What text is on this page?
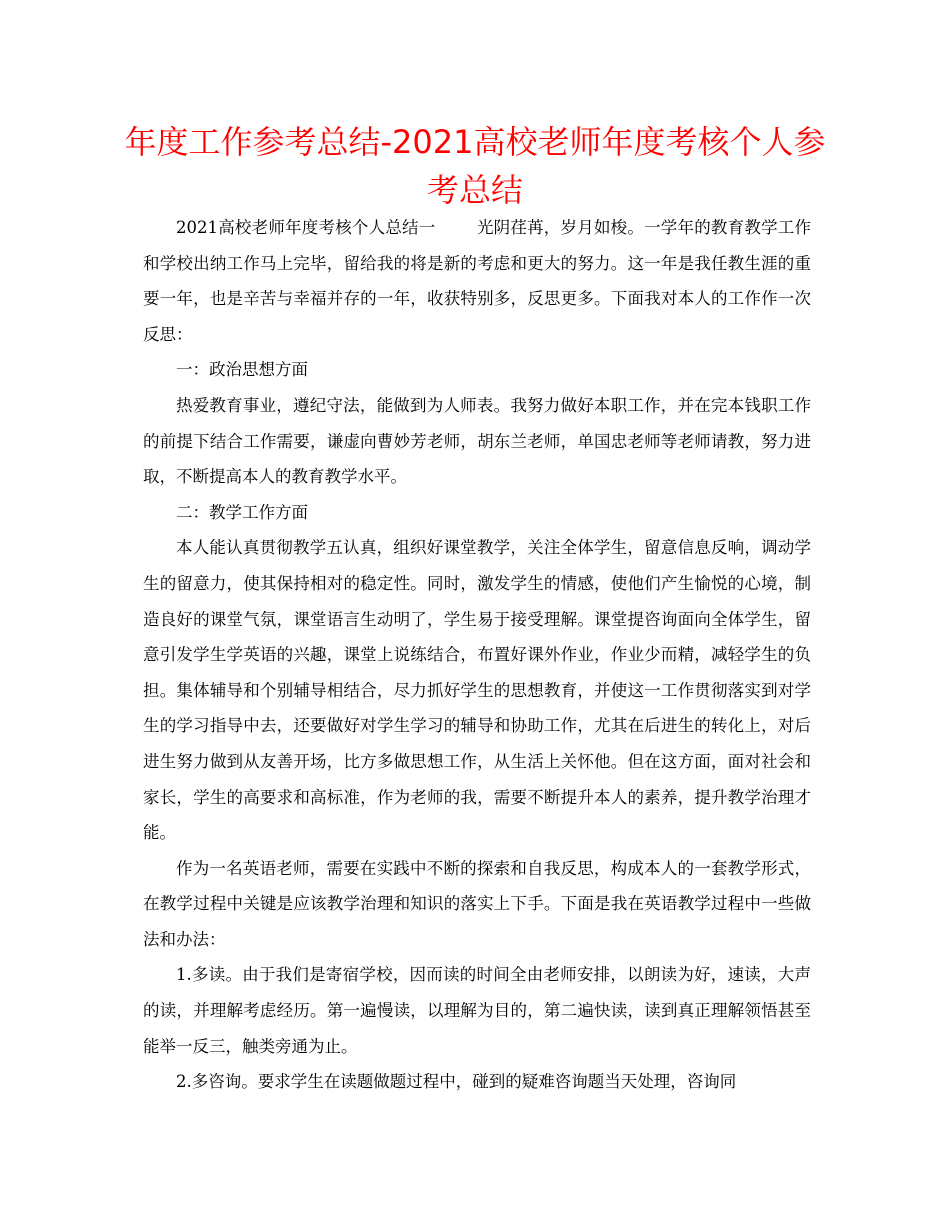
年度工作参考总结-2021高校老师年度考核个人参考总结

2021高校老师年度考核个人总结一	光阴荏苒，岁月如梭。一学年的教育教学工作和学校出纳工作马上完毕，留给我的将是新的考虑和更大的努力。这一年是我任教生涯的重要一年，也是辛苦与幸福并存的一年，收获特别多，反思更多。下面我对本人的工作作一次反思：

一：政治思想方面

热爱教育事业，遵纪守法，能做到为人师表。我努力做好本职工作，并在完本钱职工作的前提下结合工作需要，谦虚向曹妙芳老师，胡东兰老师，单国忠老师等老师请教，努力进取，不断提高本人的教育教学水平。

二：教学工作方面

本人能认真贯彻教学五认真，组织好课堂教学，关注全体学生，留意信息反响，调动学生的留意力，使其保持相对的稳定性。同时，激发学生的情感，使他们产生愉悦的心境，制造良好的课堂气氛，课堂语言生动明了，学生易于接受理解。课堂提咨询面向全体学生，留意引发学生学英语的兴趣，课堂上说练结合，布置好课外作业，作业少而精，减轻学生的负担。集体辅导和个别辅导相结合，尽力抓好学生的思想教育，并使这一工作贯彻落实到对学生的学习指导中去，还要做好对学生学习的辅导和协助工作，尤其在后进生的转化上，对后进生努力做到从友善开场，比方多做思想工作，从生活上关怀他。但在这方面，面对社会和家长，学生的高要求和高标准，作为老师的我，需要不断提升本人的素养，提升教学治理才能。

作为一名英语老师，需要在实践中不断的探索和自我反思，构成本人的一套教学形式，在教学过程中关键是应该教学治理和知识的落实上下手。下面是我在英语教学过程中一些做法和办法：

1.多读。由于我们是寄宿学校，因而读的时间全由老师安排，以朗读为好，速读，大声的读，并理解考虑经历。第一遍慢读，以理解为目的，第二遍快读，读到真正理解领悟甚至能举一反三，触类旁通为止。

2.多咨询。要求学生在读题做题过程中，碰到的疑难咨询题当天处理，咨询同
